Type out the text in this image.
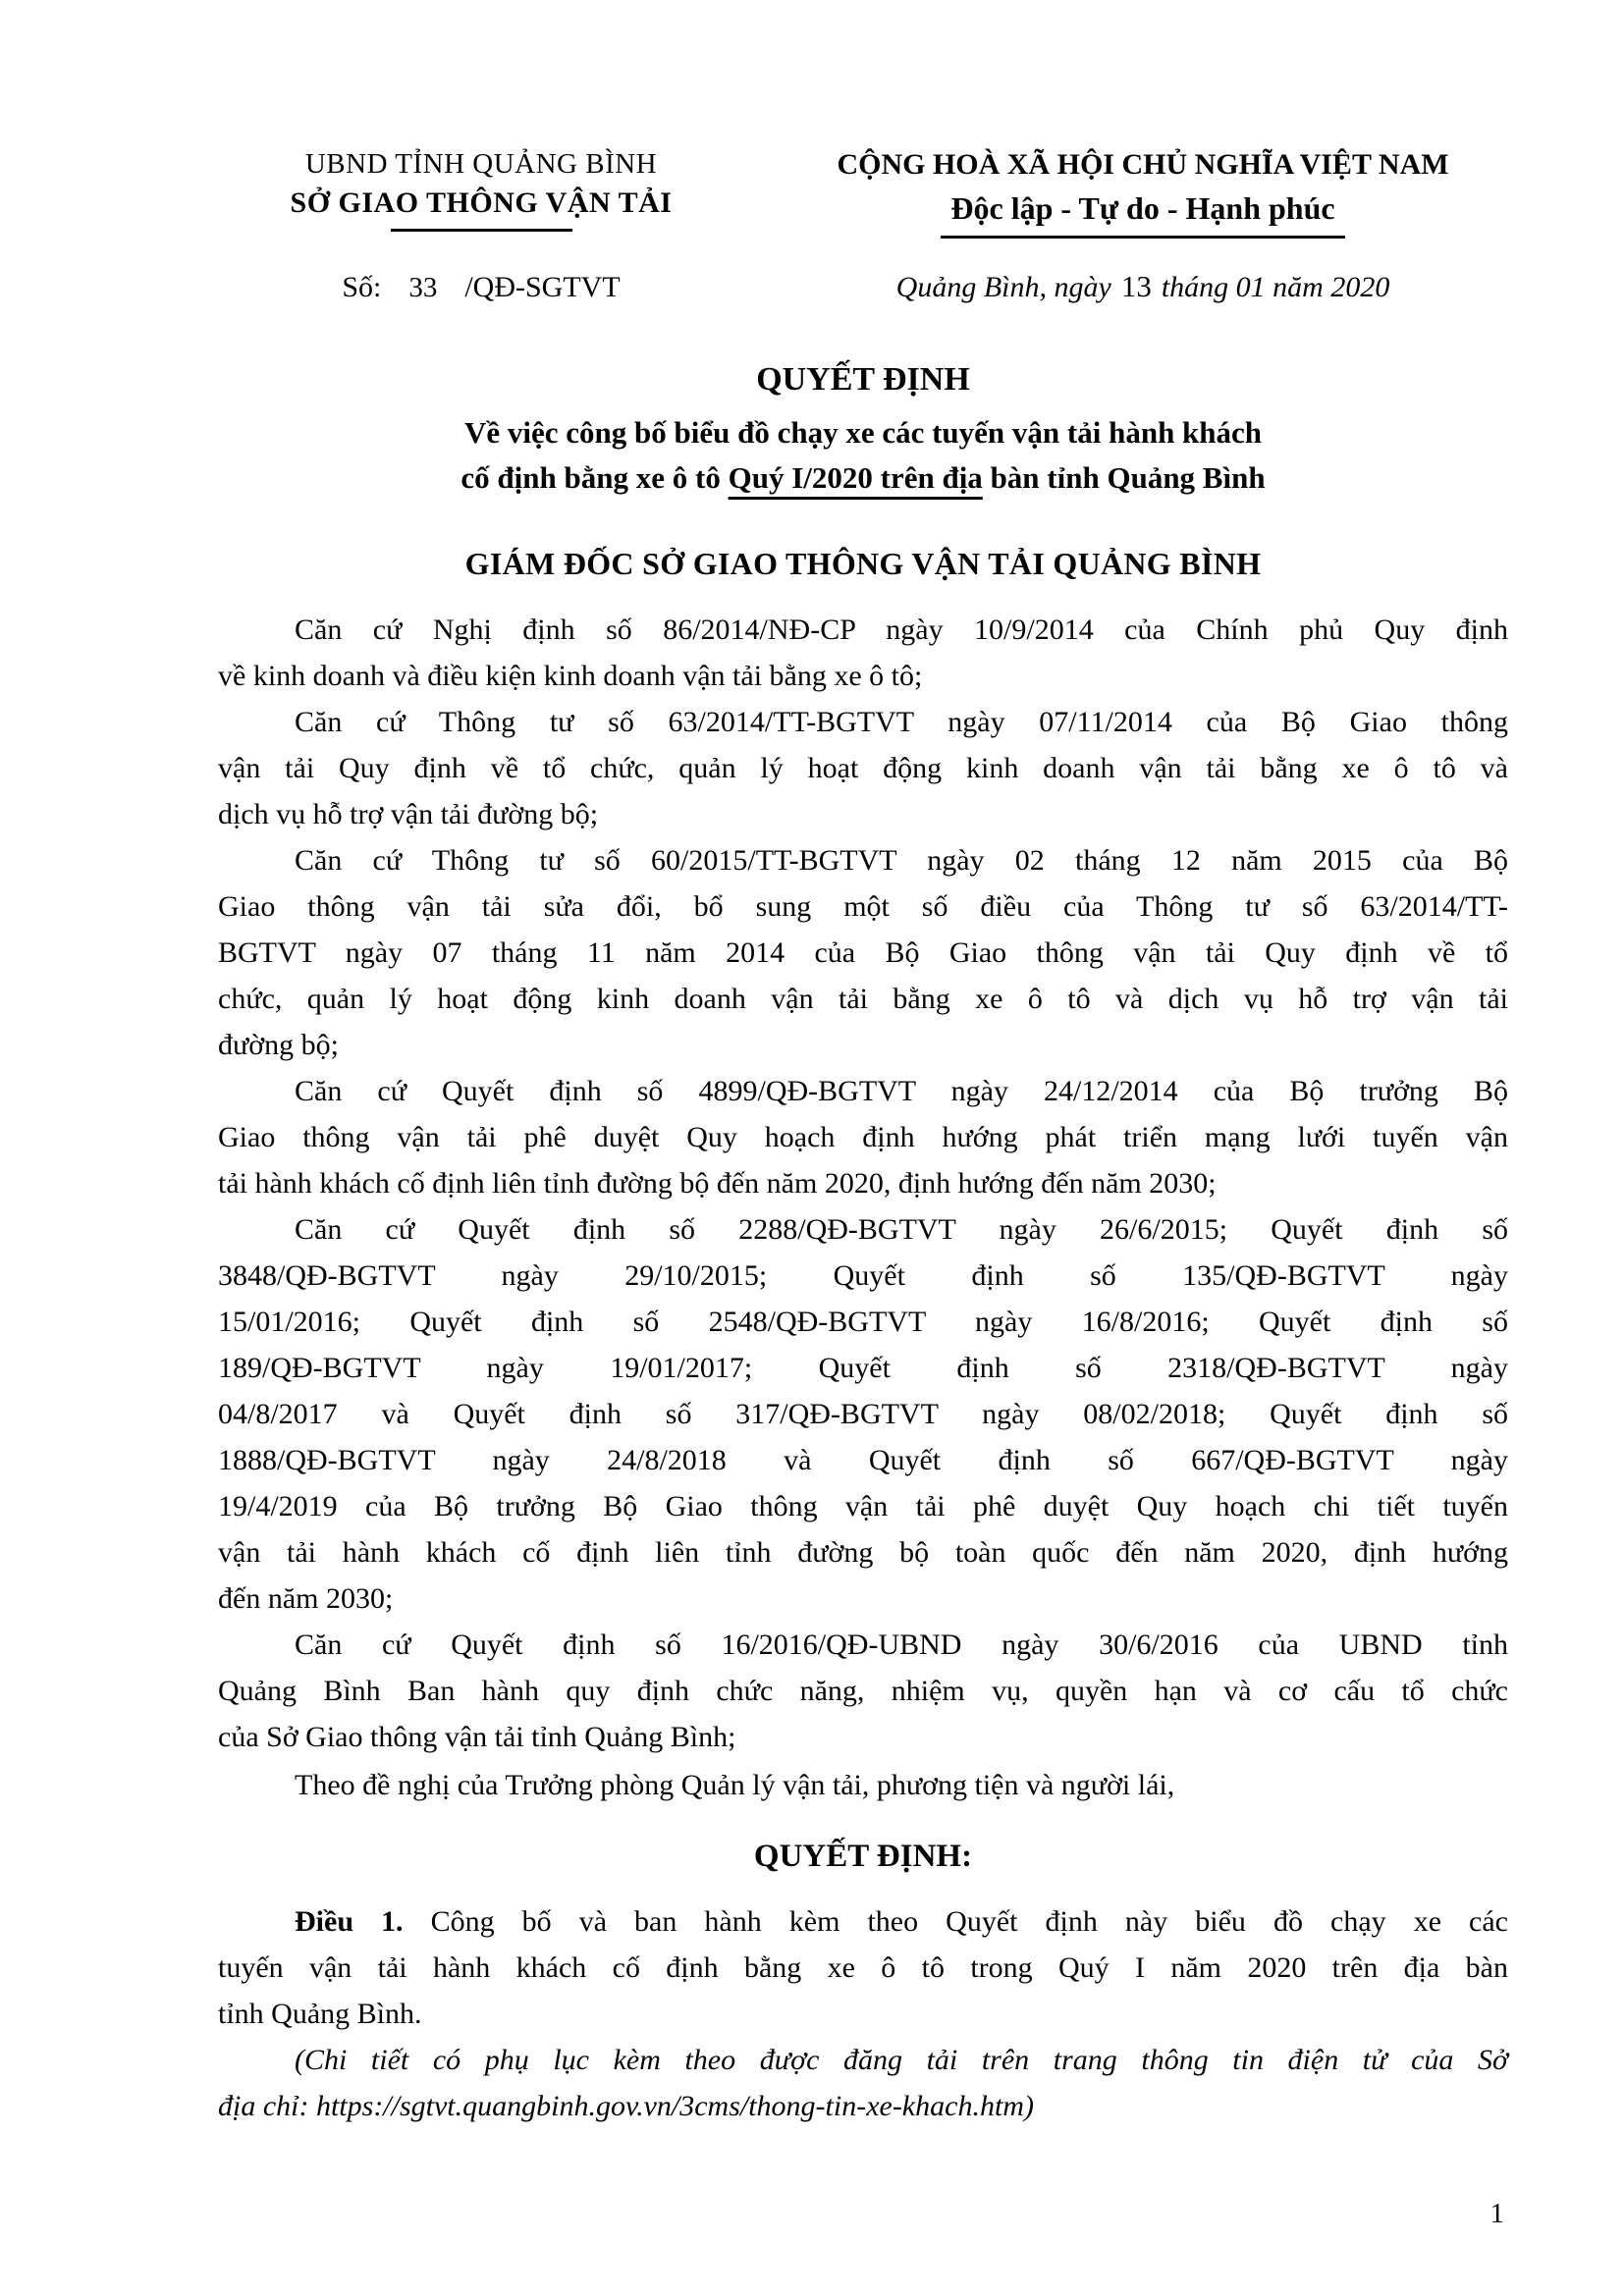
UBND TỈNH QUẢNG BÌNH
SỞ GIAO THÔNG VẬN TẢI
CỘNG HOÀ XÃ HỘI CHỦ NGHĨA VIỆT NAM
Độc lập - Tự do - Hạnh phúc
Số: 33 /QĐ-SGTVT	Quảng Bình, ngày 13 tháng 01 năm 2020
QUYẾT ĐỊNH
Về việc công bố biểu đồ chạy xe các tuyến vận tải hành khách
cố định bằng xe ô tô Quý I/2020 trên địa bàn tỉnh Quảng Bình
GIÁM ĐỐC SỞ GIAO THÔNG VẬN TẢI QUẢNG BÌNH
Căn cứ Nghị định số 86/2014/NĐ-CP ngày 10/9/2014 của Chính phủ Quy định
về kinh doanh và điều kiện kinh doanh vận tải bằng xe ô tô;
Căn cứ Thông tư số 63/2014/TT-BGTVT ngày 07/11/2014 của Bộ Giao thông
vận tải Quy định về tổ chức, quản lý hoạt động kinh doanh vận tải bằng xe ô tô và
dịch vụ hỗ trợ vận tải đường bộ;
Căn cứ Thông tư số 60/2015/TT-BGTVT ngày 02 tháng 12 năm 2015 của Bộ
Giao thông vận tải sửa đổi, bổ sung một số điều của Thông tư số 63/2014/TT-
BGTVT ngày 07 tháng 11 năm 2014 của Bộ Giao thông vận tải Quy định về tổ
chức, quản lý hoạt động kinh doanh vận tải bằng xe ô tô và dịch vụ hỗ trợ vận tải
đường bộ;
Căn cứ Quyết định số 4899/QĐ-BGTVT ngày 24/12/2014 của Bộ trưởng Bộ
Giao thông vận tải phê duyệt Quy hoạch định hướng phát triển mạng lưới tuyến vận
tải hành khách cố định liên tỉnh đường bộ đến năm 2020, định hướng đến năm 2030;
Căn cứ Quyết định số 2288/QĐ-BGTVT ngày 26/6/2015; Quyết định số
3848/QĐ-BGTVT ngày 29/10/2015; Quyết định số 135/QĐ-BGTVT ngày
15/01/2016; Quyết định số 2548/QĐ-BGTVT ngày 16/8/2016; Quyết định số
189/QĐ-BGTVT ngày 19/01/2017; Quyết định số 2318/QĐ-BGTVT ngày
04/8/2017 và Quyết định số 317/QĐ-BGTVT ngày 08/02/2018; Quyết định số
1888/QĐ-BGTVT ngày 24/8/2018 và Quyết định số 667/QĐ-BGTVT ngày
19/4/2019 của Bộ trưởng Bộ Giao thông vận tải phê duyệt Quy hoạch chi tiết tuyến
vận tải hành khách cố định liên tỉnh đường bộ toàn quốc đến năm 2020, định hướng
đến năm 2030;
Căn cứ Quyết định số 16/2016/QĐ-UBND ngày 30/6/2016 của UBND tỉnh
Quảng Bình Ban hành quy định chức năng, nhiệm vụ, quyền hạn và cơ cấu tổ chức
của Sở Giao thông vận tải tỉnh Quảng Bình;
Theo đề nghị của Trưởng phòng Quản lý vận tải, phương tiện và người lái,
QUYẾT ĐỊNH:
Điều 1. Công bố và ban hành kèm theo Quyết định này biểu đồ chạy xe các
tuyến vận tải hành khách cố định bằng xe ô tô trong Quý I năm 2020 trên địa bàn
tỉnh Quảng Bình.
(Chi tiết có phụ lục kèm theo được đăng tải trên trang thông tin điện tử của Sở
địa chỉ: https://sgtvt.quangbinh.gov.vn/3cms/thong-tin-xe-khach.htm)
1
